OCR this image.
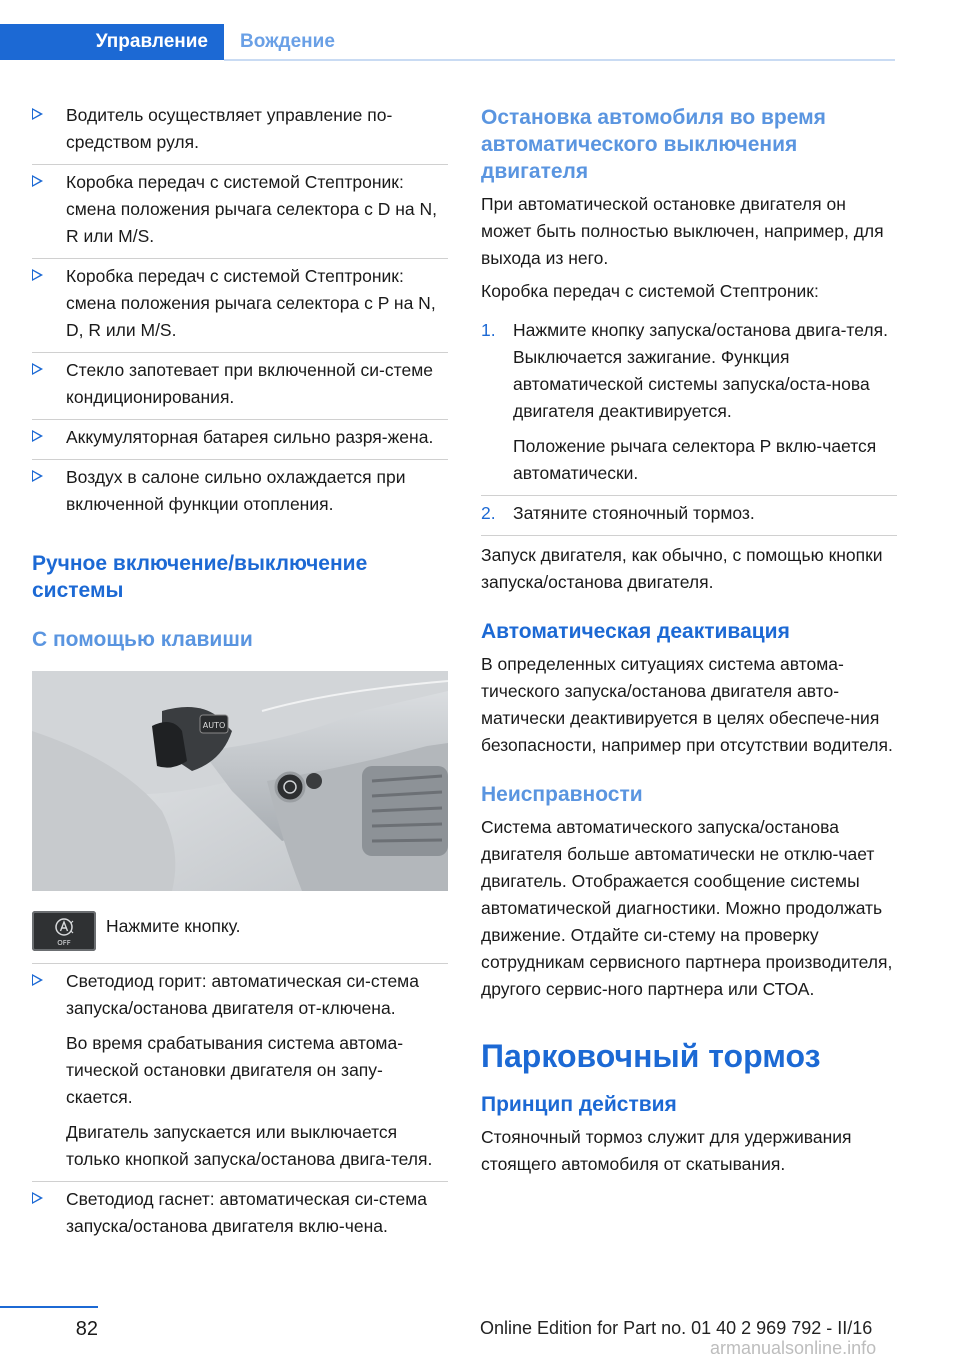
Управление	Вождение

Водитель осуществляет управление по-средством руля.

Коробка передач с системой Стептроник: смена положения рычага селектора с D на N, R или M/S.

Коробка передач с системой Стептроник: смена положения рычага селектора с P на N, D, R или M/S.

Стекло запотевает при включенной си-стеме кондиционирования.

Аккумуляторная батарея сильно разря-жена.

Воздух в салоне сильно охлаждается при включенной функции отопления.

Ручное включение/выключение системы
С помощью клавиши
AUTO
OFF
Нажмите кнопку.

Светодиод горит: автоматическая си-стема запуска/останова двигателя от-ключена.

Во время срабатывания система автома-тической остановки двигателя он запу-скается.

Двигатель запускается или выключается только кнопкой запуска/останова двига-теля.

Светодиод гаснет: автоматическая си-стема запуска/останова двигателя вклю-чена.

Остановка автомобиля во время автоматического выключения двигателя

При автоматической остановке двигателя он может быть полностью выключен, например, для выхода из него.

Коробка передач с системой Стептроник:

1. Нажмите кнопку запуска/останова двига-теля. Выключается зажигание. Функция автоматической системы запуска/оста-нова двигателя деактивируется.

Положение рычага селектора P вклю-чается автоматически.

2. Затяните стояночный тормоз.

Запуск двигателя, как обычно, с помощью кнопки запуска/останова двигателя.

Автоматическая деактивация

В определенных ситуациях система автома-тического запуска/останова двигателя авто-матически деактивируется в целях обеспече-ния безопасности, например при отсутствии водителя.

Неисправности

Система автоматического запуска/останова двигателя больше автоматически не отклю-чает двигатель. Отображается сообщение системы автоматической диагностики. Можно продолжать движение. Отдайте си-стему на проверку сотрудникам сервисного партнера производителя, другого сервис-ного партнера или СТОА.

Парковочный тормоз
Принцип действия

Стояночный тормоз служит для удерживания стоящего автомобиля от скатывания.

82	Online Edition for Part no. 01 40 2 969 792 - II/16
armanualsonline.info
